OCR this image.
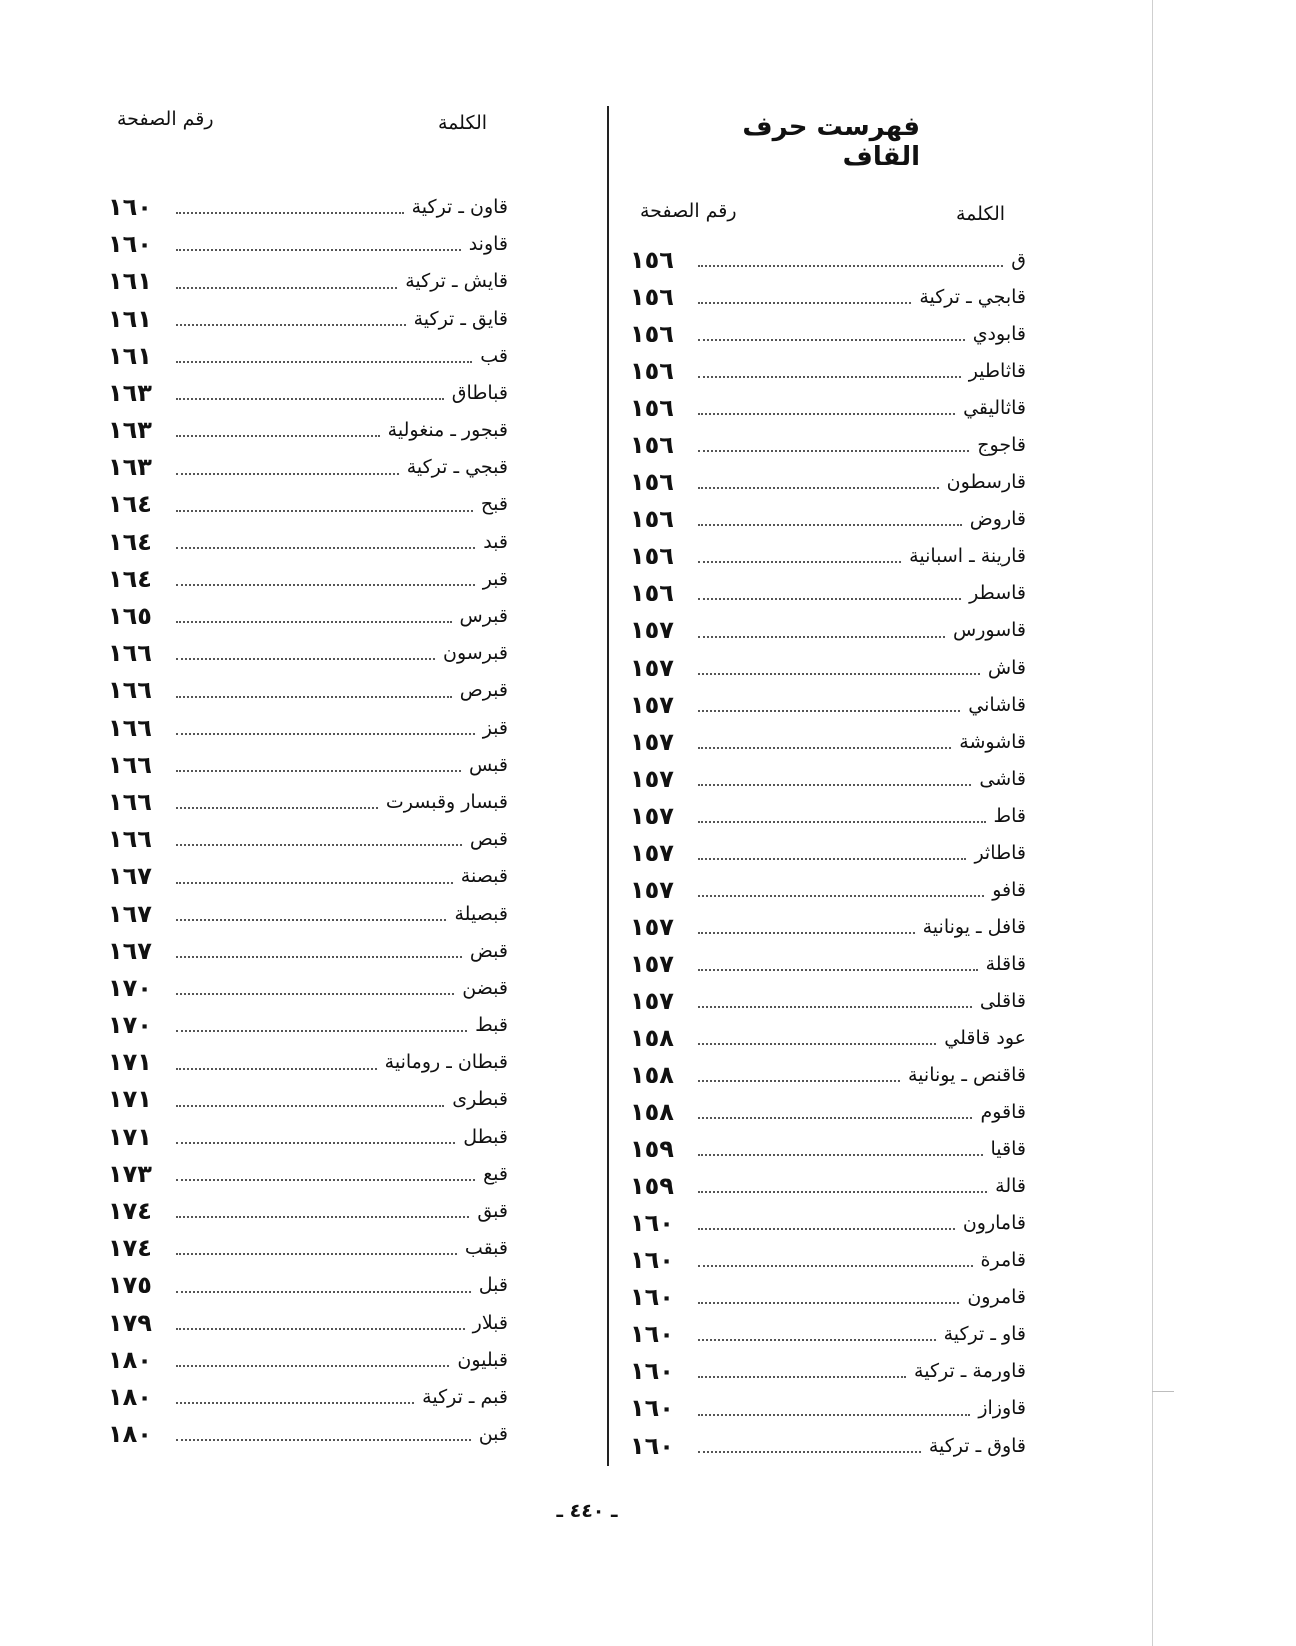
فهرست حرف القاف
الكلمة
رقم الصفحة
الكلمة
رقم الصفحة
ق
١٥٦
قابجي ـ تركية
١٥٦
قابودي
١٥٦
قاثاطير
١٥٦
قاثاليقي
١٥٦
قاجوج
١٥٦
قارسطون
١٥٦
قاروض
١٥٦
قارينة ـ اسبانية
١٥٦
قاسطر
١٥٦
قاسورس
١٥٧
قاش
١٥٧
قاشاني
١٥٧
قاشوشة
١٥٧
قاشى
١٥٧
قاط
١٥٧
قاطاثر
١٥٧
قافو
١٥٧
قافل ـ يونانية
١٥٧
قاقلة
١٥٧
قاقلى
١٥٧
عود قاقلي
١٥٨
قاقنص ـ يونانية
١٥٨
قاقوم
١٥٨
قاقيا
١٥٩
قالة
١٥٩
قامارون
١٦٠
قامرة
١٦٠
قامرون
١٦٠
قاو ـ تركية
١٦٠
قاورمة ـ تركية
١٦٠
قاوزاز
١٦٠
قاوق ـ تركية
١٦٠
قاون ـ تركية
١٦٠
قاوند
١٦٠
قايش ـ تركية
١٦١
قايق ـ تركية
١٦١
قب
١٦١
قباطاق
١٦٣
قبجور ـ منغولية
١٦٣
قبجي ـ تركية
١٦٣
قبح
١٦٤
قبد
١٦٤
قبر
١٦٤
قبرس
١٦٥
قبرسون
١٦٦
قبرص
١٦٦
قبز
١٦٦
قبس
١٦٦
قبسار وقبسرت
١٦٦
قبص
١٦٦
قبصنة
١٦٧
قبصيلة
١٦٧
قبض
١٦٧
قبضن
١٧٠
قبط
١٧٠
قبطان ـ رومانية
١٧١
قبطرى
١٧١
قبطل
١٧١
قبع
١٧٣
قبق
١٧٤
قبقب
١٧٤
قبل
١٧٥
قبلار
١٧٩
قبليون
١٨٠
قبم ـ تركية
١٨٠
قبن
١٨٠
ـ ٤٤٠ ـ
